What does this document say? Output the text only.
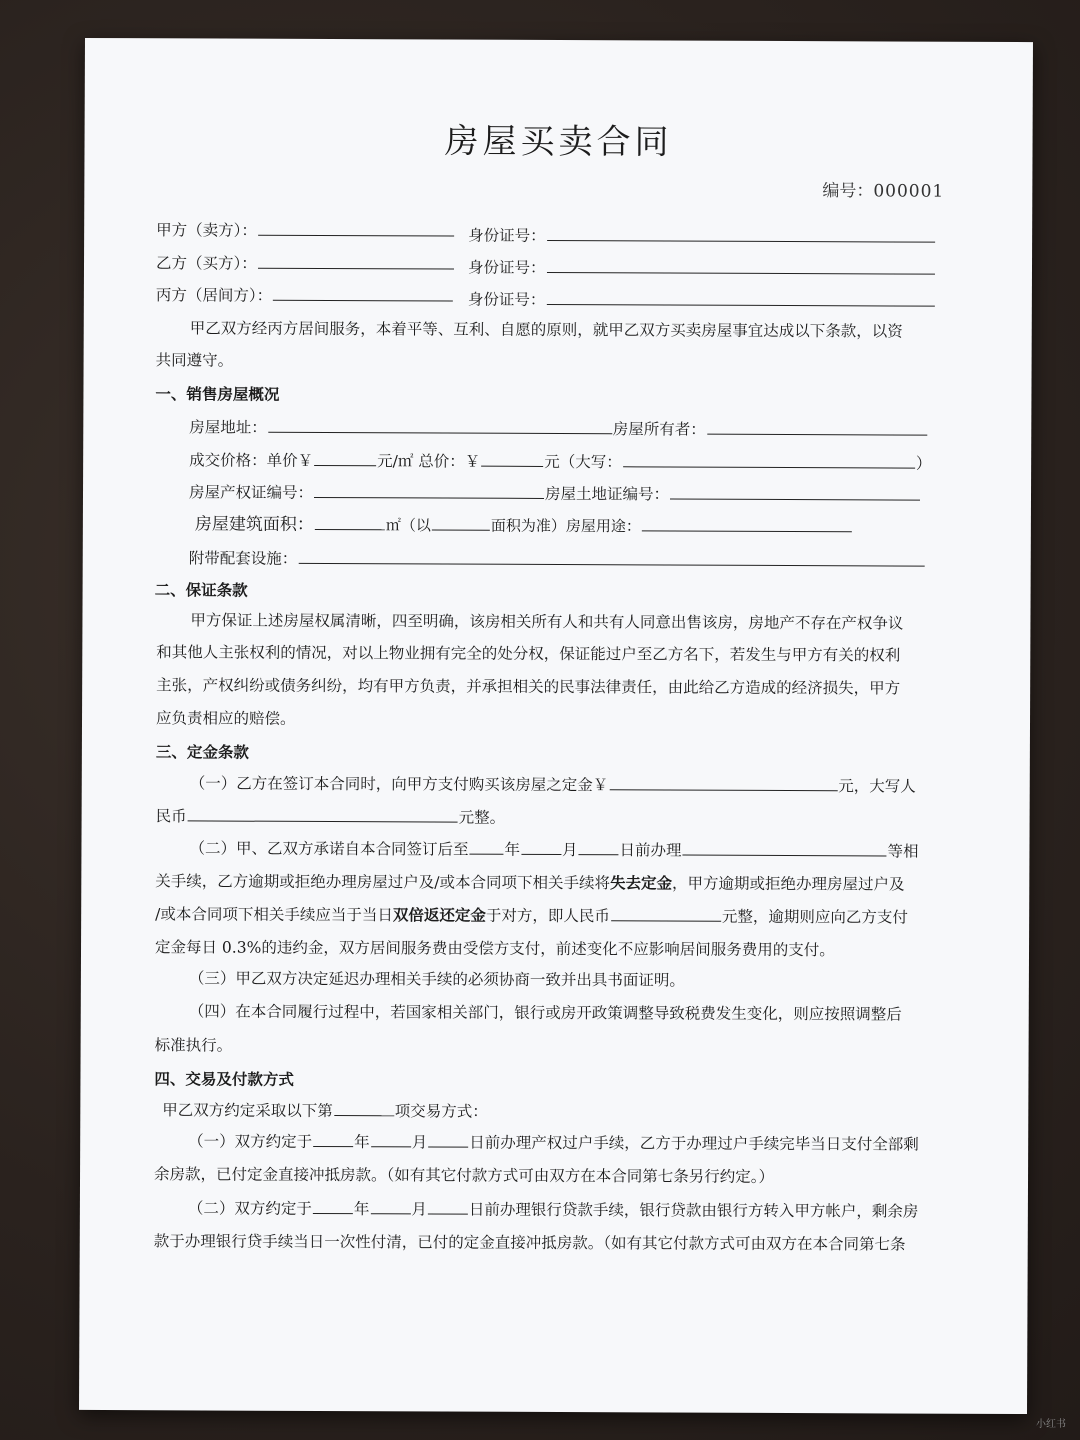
房屋买卖合同
编号：000001
甲方（卖方）：	身份证号：
乙方（买方）：	身份证号：
丙方（居间方）：	身份证号：
甲乙双方经丙方居间服务，本着平等、互利、自愿的原则，就甲乙双方买卖房屋事宜达成以下条款，以资
共同遵守。
一、销售房屋概况
房屋地址：	房屋所有者：
成交价格：单价￥	元/㎡ 总价：￥	元（大写：	）
房屋产权证编号：	房屋土地证编号：
房屋建筑面积：	㎡（以	面积为准）房屋用途：
附带配套设施：
二、保证条款
甲方保证上述房屋权属清晰，四至明确，该房相关所有人和共有人同意出售该房，房地产不存在产权争议
和其他人主张权利的情况，对以上物业拥有完全的处分权，保证能过户至乙方名下，若发生与甲方有关的权利
主张，产权纠纷或债务纠纷，均有甲方负责，并承担相关的民事法律责任，由此给乙方造成的经济损失，甲方
应负责相应的赔偿。
三、定金条款
（一）乙方在签订本合同时，向甲方支付购买该房屋之定金￥	元，大写人
民币	元整。
（二）甲、乙双方承诺自本合同签订后至 年	月	日前办理	等相
关手续，乙方逾期或拒绝办理房屋过户及/或本合同项下相关手续将失去定金，甲方逾期或拒绝办理房屋过户及
/或本合同项下相关手续应当于当日双倍返还定金于对方，即人民币	元整，逾期则应向乙方支付
定金每日 0.3%的违约金，双方居间服务费由受偿方支付，前述变化不应影响居间服务费用的支付。
（三）甲乙双方决定延迟办理相关手续的必须协商一致并出具书面证明。
（四）在本合同履行过程中，若国家相关部门，银行或房开政策调整导致税费发生变化，则应按照调整后
标准执行。
四、交易及付款方式
甲乙双方约定采取以下第	项交易方式：
（一）双方约定于	年	月	日前办理产权过户手续，乙方于办理过户手续完毕当日支付全部剩
余房款，已付定金直接冲抵房款。（如有其它付款方式可由双方在本合同第七条另行约定。）
（二）双方约定于	年	月	日前办理银行贷款手续，银行贷款由银行方转入甲方帐户，剩余房
款于办理银行贷手续当日一次性付清，已付的定金直接冲抵房款。（如有其它付款方式可由双方在本合同第七条
小红书
